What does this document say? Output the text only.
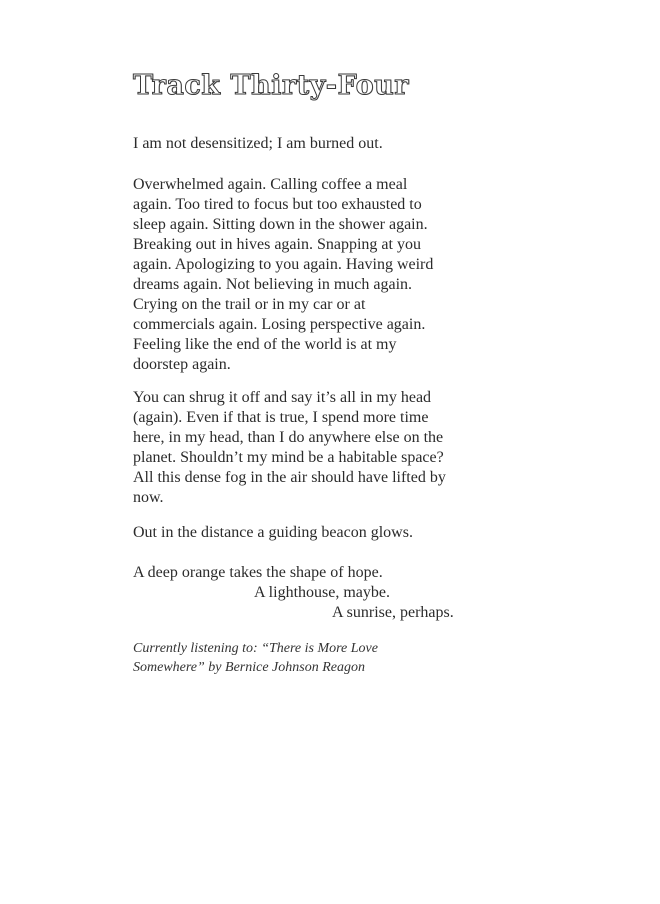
Track Thirty-Four

I am not desensitized; I am burned out.

Overwhelmed again. Calling coffee a meal
again. Too tired to focus but too exhausted to
sleep again. Sitting down in the shower again.
Breaking out in hives again. Snapping at you
again. Apologizing to you again. Having weird
dreams again. Not believing in much again.
Crying on the trail or in my car or at
commercials again. Losing perspective again.
Feeling like the end of the world is at my
doorstep again.

You can shrug it off and say it’s all in my head
(again). Even if that is true, I spend more time
here, in my head, than I do anywhere else on the
planet. Shouldn’t my mind be a habitable space?
All this dense fog in the air should have lifted by
now.

Out in the distance a guiding beacon glows.

A deep orange takes the shape of hope.
A lighthouse, maybe.
A sunrise, perhaps.

Currently listening to: “There is More Love
Somewhere” by Bernice Johnson Reagon
